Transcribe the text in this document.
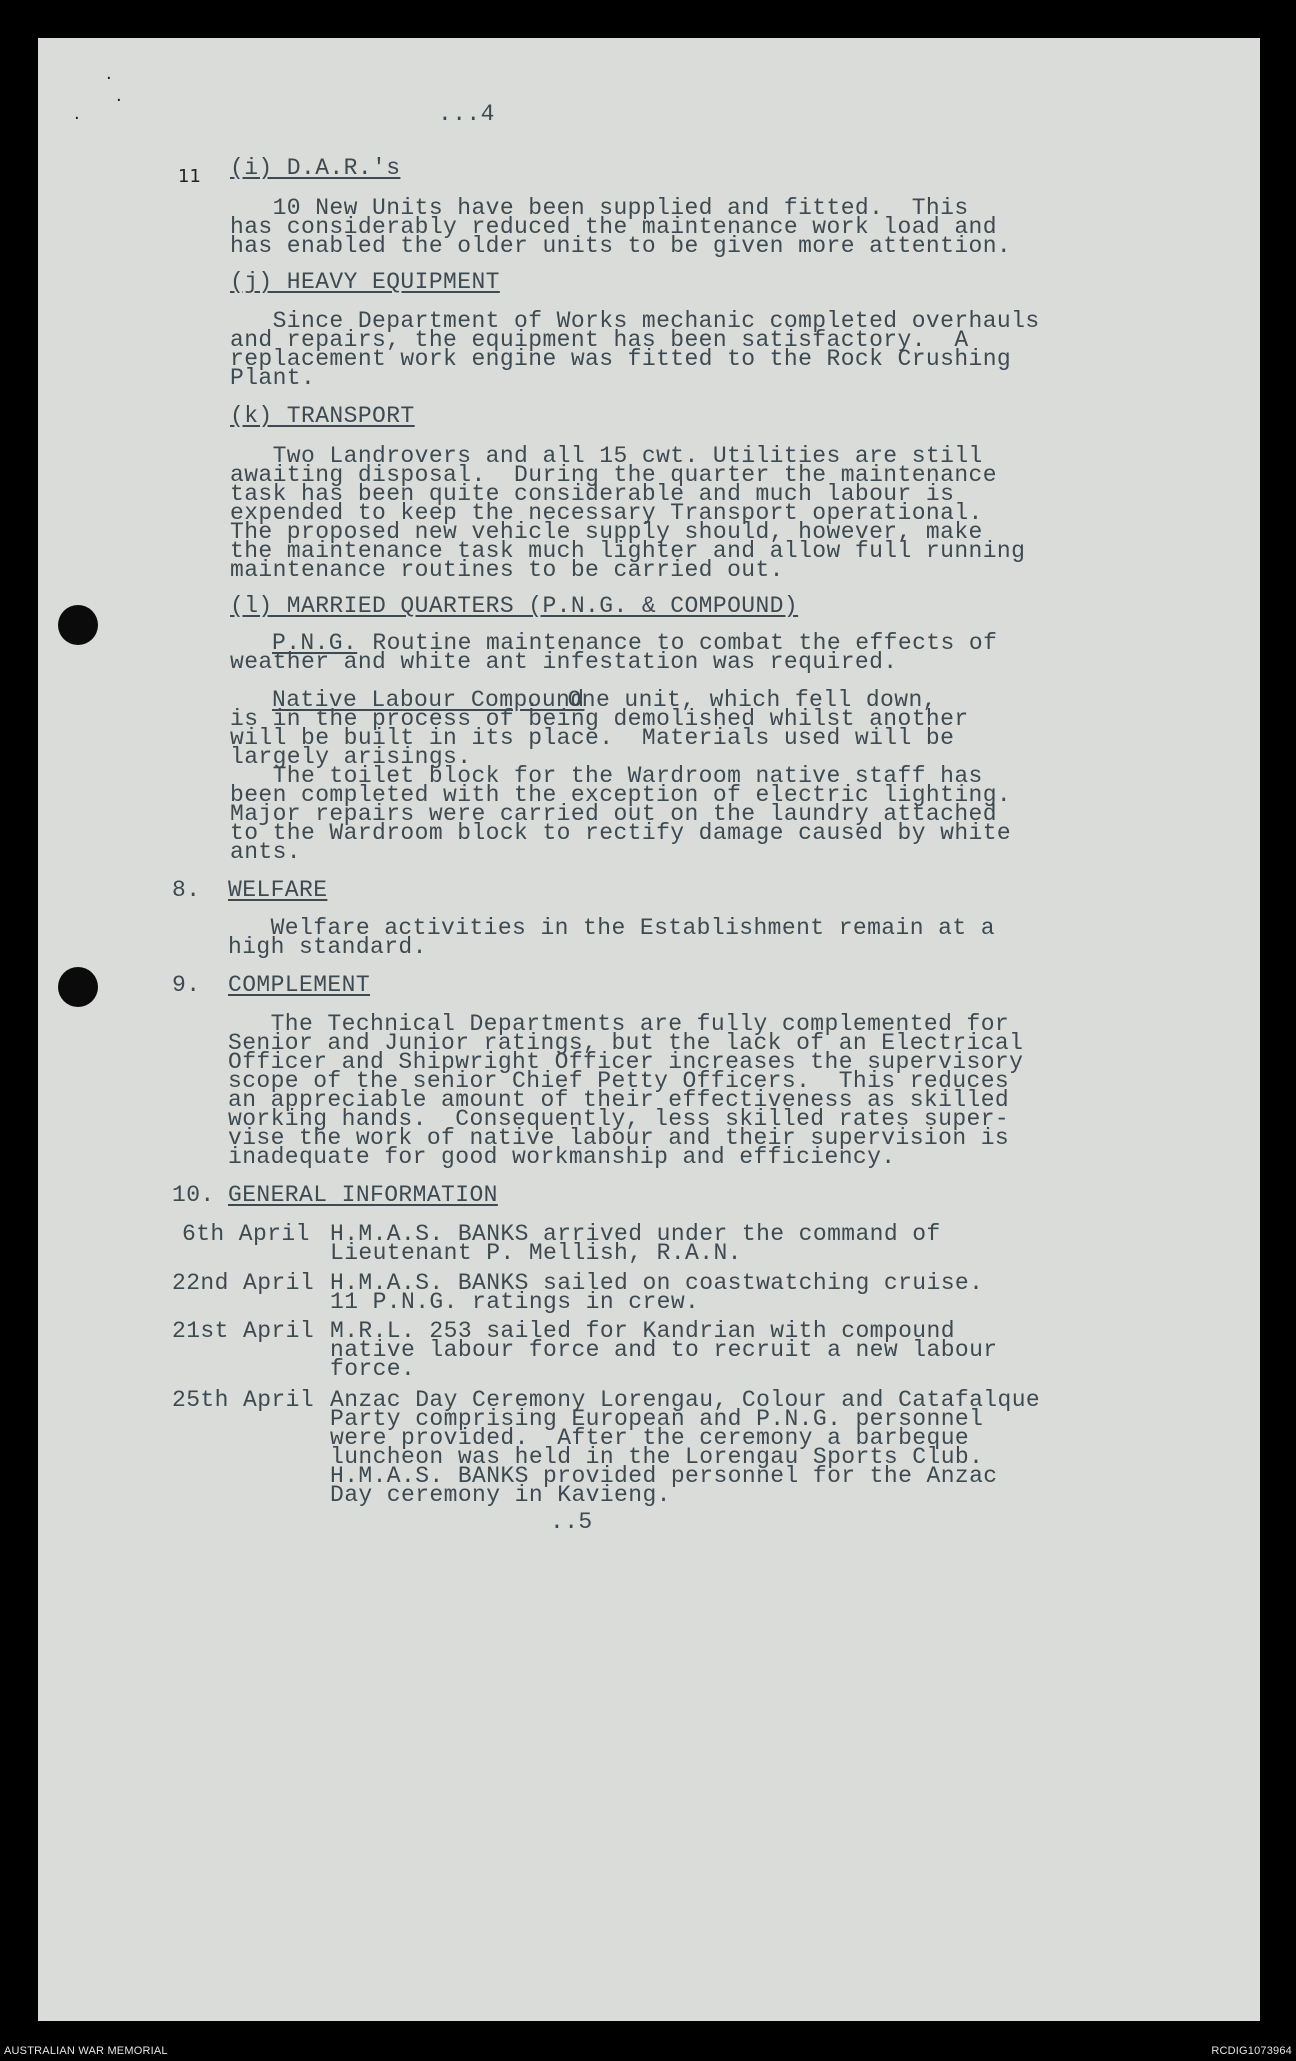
11
·
·
·	...4
(i) D.A.R.'s
10 New Units have been supplied and fitted.  This
has considerably reduced the maintenance work load and
has enabled the older units to be given more attention.
(j) HEAVY EQUIPMENT
Since Department of Works mechanic completed overhauls
and repairs, the equipment has been satisfactory.  A
replacement work engine was fitted to the Rock Crushing
Plant.
(k) TRANSPORT
Two Landrovers and all 15 cwt. Utilities are still
awaiting disposal.  During the quarter the maintenance
task has been quite considerable and much labour is
expended to keep the necessary Transport operational.
The proposed new vehicle supply should, however, make
the maintenance task much lighter and allow full running
maintenance routines to be carried out.
(l) MARRIED QUARTERS (P.N.G. & COMPOUND)
P.N.G.
Routine maintenance to combat the effects of
weather and white ant infestation was required.
Native Labour Compound
.  One unit, which fell down,
is in the process of being demolished whilst another
will be built in its place.  Materials used will be
largely arisings.
The toilet block for the Wardroom native staff has
been completed with the exception of electric lighting.
Major repairs were carried out on the laundry attached
to the Wardroom block to rectify damage caused by white
ants.
8. WELFARE
Welfare activities in the Establishment remain at a
high standard.
9. COMPLEMENT
The Technical Departments are fully complemented for
Senior and Junior ratings, but the lack of an Electrical
Officer and Shipwright Officer increases the supervisory
scope of the senior Chief Petty Officers.  This reduces
an appreciable amount of their effectiveness as skilled
working hands.  Consequently, less skilled rates super-
vise the work of native labour and their supervision is
inadequate for good workmanship and efficiency.
10. GENERAL INFORMATION
6th April H.M.A.S. BANKS arrived under the command of
Lieutenant P. Mellish, R.A.N.
22nd April H.M.A.S. BANKS sailed on coastwatching cruise.
11 P.N.G. ratings in crew.
21st April M.R.L. 253 sailed for Kandrian with compound
native labour force and to recruit a new labour
force.
25th April Anzac Day Ceremony Lorengau, Colour and Catafalque
Party comprising European and P.N.G. personnel
were provided.  After the ceremony a barbeque
luncheon was held in the Lorengau Sports Club.
H.M.A.S. BANKS provided personnel for the Anzac
Day ceremony in Kavieng.
..5
AUSTRALIAN WAR MEMORIAL	RCDIG1073964
